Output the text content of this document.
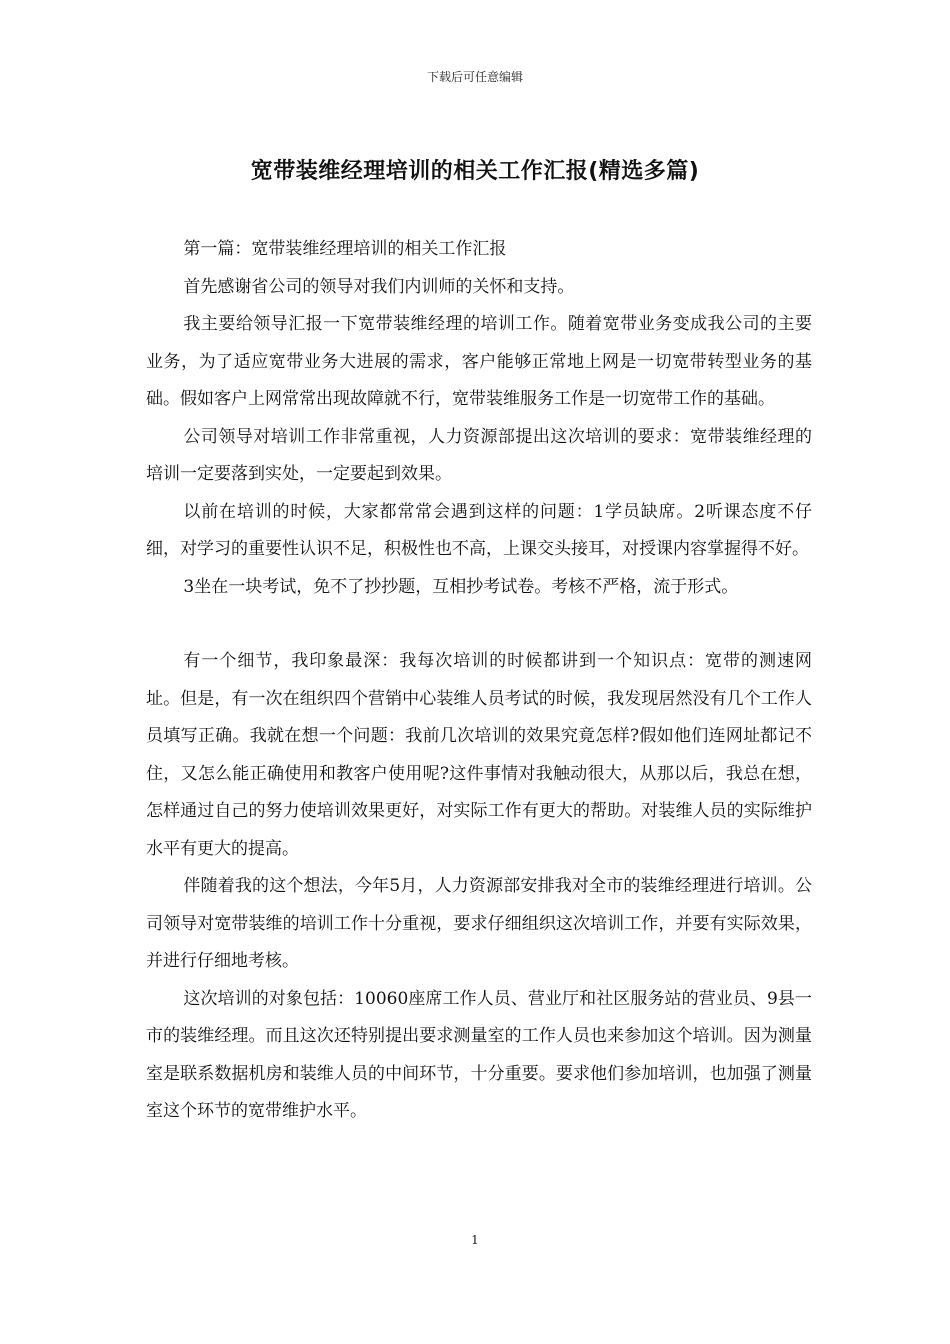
下载后可任意编辑
宽带装维经理培训的相关工作汇报(精选多篇)

第一篇：宽带装维经理培训的相关工作汇报

首先感谢省公司的领导对我们内训师的关怀和支持。

我主要给领导汇报一下宽带装维经理的培训工作。随着宽带业务变成我公司的主要业务，为了适应宽带业务大进展的需求，客户能够正常地上网是一切宽带转型业务的基础。假如客户上网常常出现故障就不行，宽带装维服务工作是一切宽带工作的基础。

公司领导对培训工作非常重视，人力资源部提出这次培训的要求：宽带装维经理的培训一定要落到实处，一定要起到效果。

以前在培训的时候，大家都常常会遇到这样的问题：1学员缺席。2听课态度不仔细，对学习的重要性认识不足，积极性也不高，上课交头接耳，对授课内容掌握得不好。

3坐在一块考试，免不了抄抄题，互相抄考试卷。考核不严格，流于形式。

有一个细节，我印象最深：我每次培训的时候都讲到一个知识点：宽带的测速网址。但是，有一次在组织四个营销中心装维人员考试的时候，我发现居然没有几个工作人员填写正确。我就在想一个问题：我前几次培训的效果究竟怎样?假如他们连网址都记不住，又怎么能正确使用和教客户使用呢?这件事情对我触动很大，从那以后，我总在想，怎样通过自己的努力使培训效果更好，对实际工作有更大的帮助。对装维人员的实际维护水平有更大的提高。

伴随着我的这个想法，今年5月，人力资源部安排我对全市的装维经理进行培训。公司领导对宽带装维的培训工作十分重视，要求仔细组织这次培训工作，并要有实际效果，并进行仔细地考核。

这次培训的对象包括：10060座席工作人员、营业厅和社区服务站的营业员、9县一市的装维经理。而且这次还特别提出要求测量室的工作人员也来参加这个培训。因为测量室是联系数据机房和装维人员的中间环节，十分重要。要求他们参加培训，也加强了测量室这个环节的宽带维护水平。

1
